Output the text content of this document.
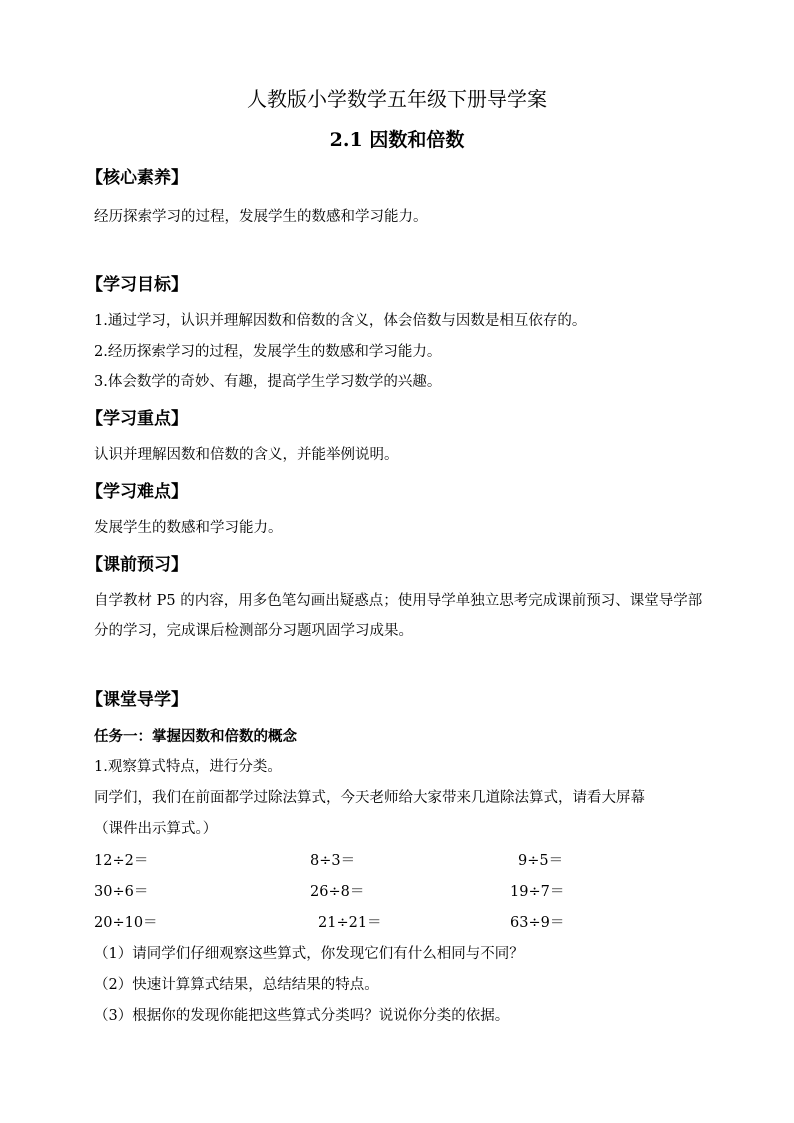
人教版小学数学五年级下册导学案
2.1 因数和倍数
【核心素养】
经历探索学习的过程，发展学生的数感和学习能力。
【学习目标】
1.通过学习，认识并理解因数和倍数的含义，体会倍数与因数是相互依存的。
2.经历探索学习的过程，发展学生的数感和学习能力。
3.体会数学的奇妙、有趣，提高学生学习数学的兴趣。
【学习重点】
认识并理解因数和倍数的含义，并能举例说明。
【学习难点】
发展学生的数感和学习能力。
【课前预习】
自学教材 P5 的内容，用多色笔勾画出疑惑点；使用导学单独立思考完成课前预习、课堂导学部分的学习，完成课后检测部分习题巩固学习成果。
【课堂导学】
任务一：掌握因数和倍数的概念
1.观察算式特点，进行分类。
同学们，我们在前面都学过除法算式，今天老师给大家带来几道除法算式，请看大屏幕
（课件出示算式。）
12÷2＝	8÷3＝	9÷5＝
30÷6＝	26÷8＝	19÷7＝
20÷10＝	21÷21＝	63÷9＝
（1）请同学们仔细观察这些算式，你发现它们有什么相同与不同？
（2）快速计算算式结果，总结结果的特点。
（3）根据你的发现你能把这些算式分类吗？说说你分类的依据。
